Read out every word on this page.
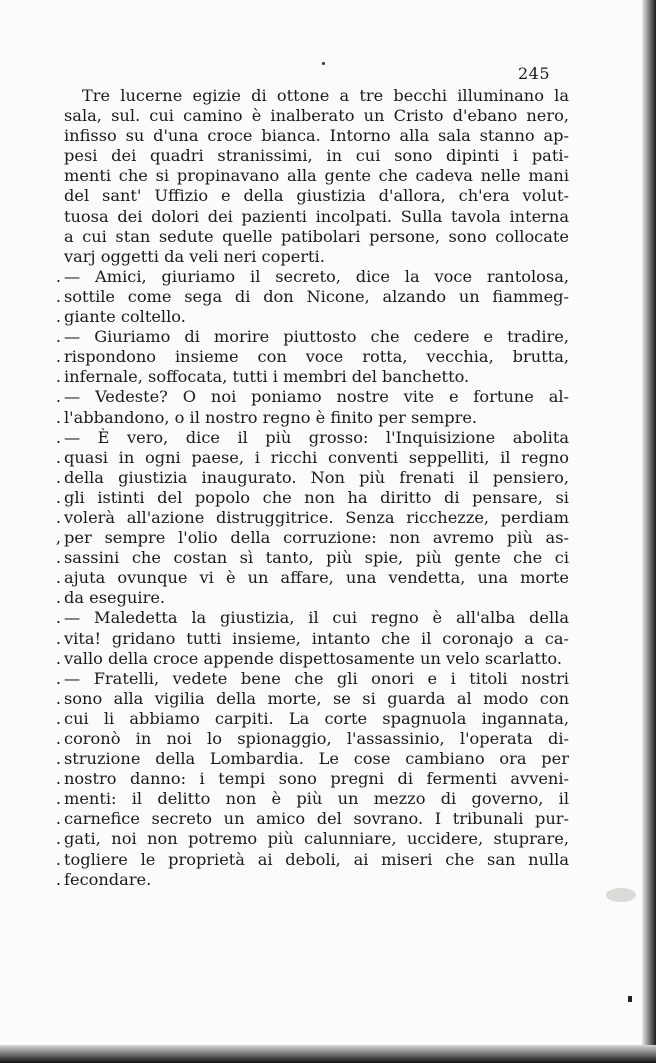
245
Tre lucerne egizie di ottone a tre becchi illuminano la
sala, sul. cui camino è inalberato un Cristo d'ebano nero,
infisso su d'una croce bianca. Intorno alla sala stanno ap-
pesi dei quadri stranissimi, in cui sono dipinti i pati-
menti che si propinavano alla gente che cadeva nelle mani
del sant' Uffizio e della giustizia d'allora, ch'era volut-
tuosa dei dolori dei pazienti incolpati. Sulla tavola interna
a cui stan sedute quelle patibolari persone, sono collocate
varj oggetti da veli neri coperti.
. — Amici, giuriamo il secreto, dice la voce rantolosa,
. sottile come sega di don Nicone, alzando un fiammeg-
. giante coltello.
. — Giuriamo di morire piuttosto che cedere e tradire,
. rispondono insieme con voce rotta, vecchia, brutta,
. infernale, soffocata, tutti i membri del banchetto.
. — Vedeste? O noi poniamo nostre vite e fortune al-
. l'abbandono, o il nostro regno è finito per sempre.
. — È vero, dice il più grosso: l'Inquisizione abolita
. quasi in ogni paese, i ricchi conventi seppelliti, il regno
. della giustizia inaugurato. Non più frenati il pensiero,
. gli istinti del popolo che non ha diritto di pensare, si
. volerà all'azione distruggitrice. Senza ricchezze, perdiam
, per sempre l'olio della corruzione: non avremo più as-
. sassini che costan sì tanto, più spie, più gente che ci
. ajuta ovunque vi è un affare, una vendetta, una morte
. da eseguire.
. — Maledetta la giustizia, il cui regno è all'alba della
. vita! gridano tutti insieme, intanto che il coronajo a ca-
. vallo della croce appende dispettosamente un velo scarlatto.
. — Fratelli, vedete bene che gli onori e i titoli nostri
. sono alla vigilia della morte, se si guarda al modo con
. cui li abbiamo carpiti. La corte spagnuola ingannata,
. coronò in noi lo spionaggio, l'assassinio, l'operata di-
. struzione della Lombardia. Le cose cambiano ora per
. nostro danno: i tempi sono pregni di fermenti avveni-
. menti: il delitto non è più un mezzo di governo, il
. carnefice secreto un amico del sovrano. I tribunali pur-
. gati, noi non potremo più calunniare, uccidere, stuprare,
. togliere le proprietà ai deboli, ai miseri che san nulla
. fecondare.
